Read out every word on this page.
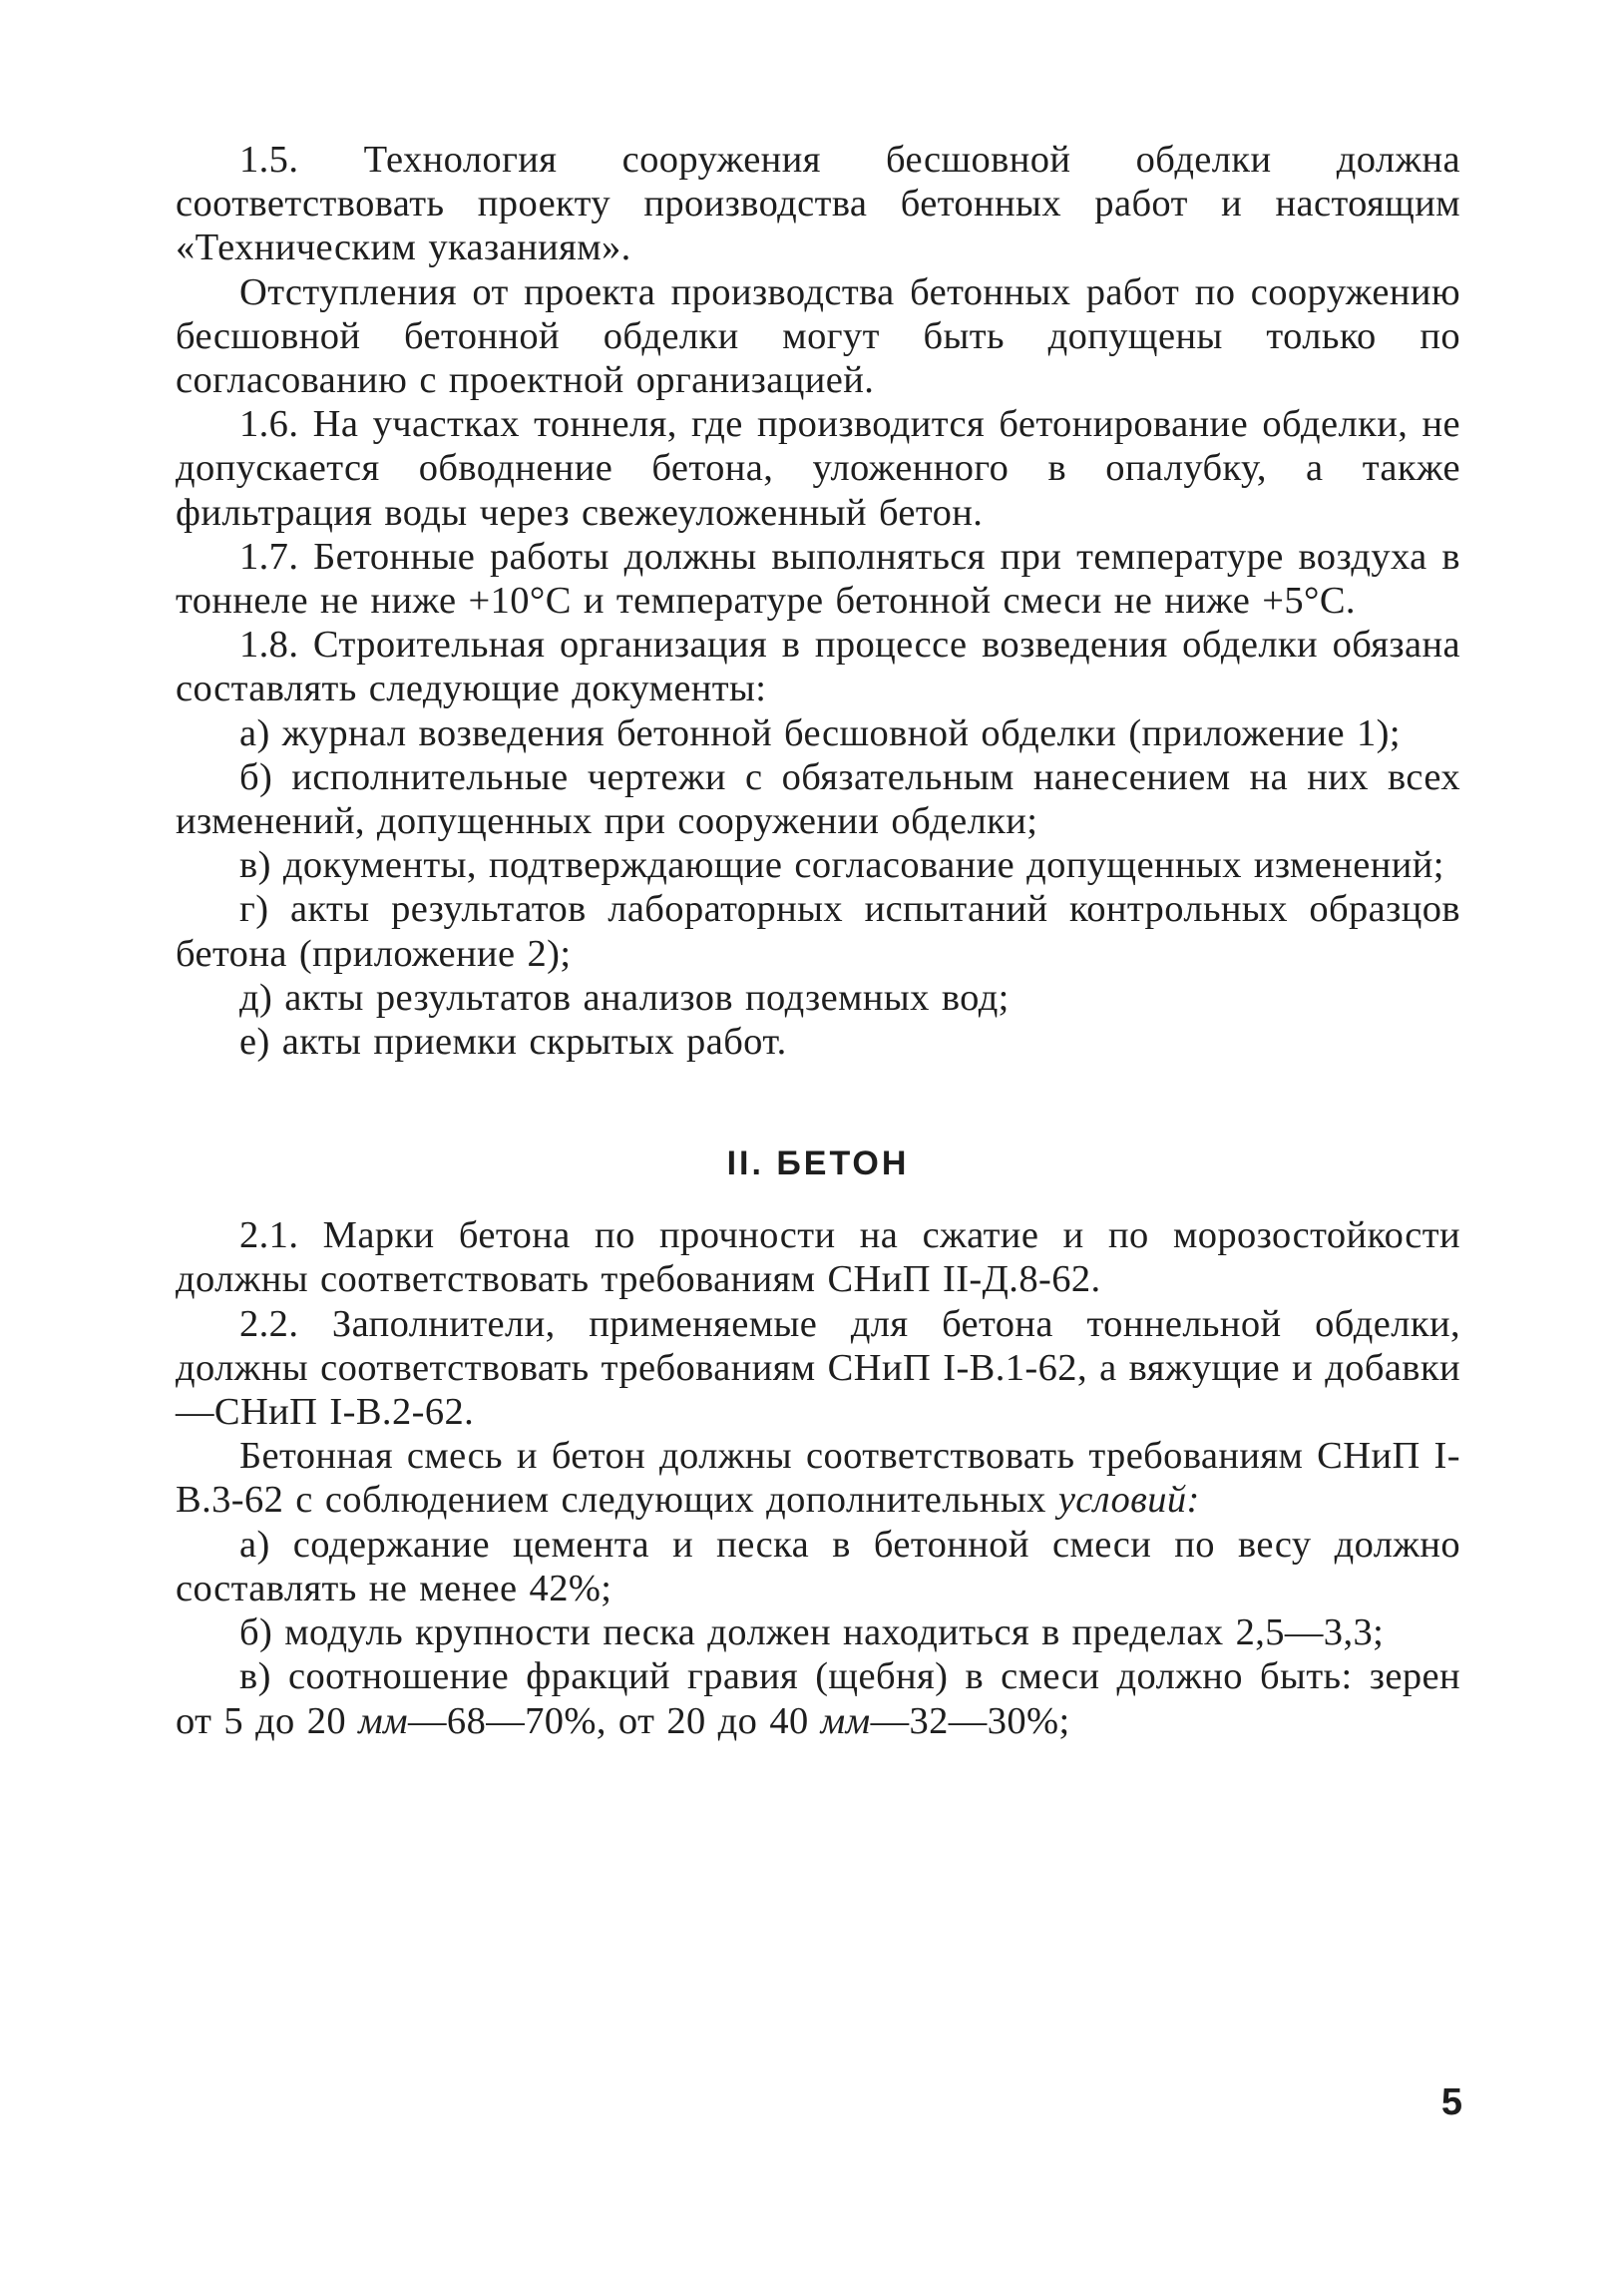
1.5. Технология сооружения бесшовной обделки должна соответствовать проекту производства бетонных работ и настоящим «Техническим указаниям».

Отступления от проекта производства бетонных работ по сооружению бесшовной бетонной обделки могут быть допущены только по согласованию с проектной организацией.

1.6. На участках тоннеля, где производится бетонирование обделки, не допускается обводнение бетона, уложенного в опалубку, а также фильтрация воды через свежеуложенный бетон.

1.7. Бетонные работы должны выполняться при температуре воздуха в тоннеле не ниже +10°С и температуре бетонной смеси не ниже +5°С.

1.8. Строительная организация в процессе возведения обделки обязана составлять следующие документы:

а) журнал возведения бетонной бесшовной обделки (приложение 1);

б) исполнительные чертежи с обязательным нанесением на них всех изменений, допущенных при сооружении обделки;

в) документы, подтверждающие согласование допущенных изменений;

г) акты результатов лабораторных испытаний контрольных образцов бетона (приложение 2);

д) акты результатов анализов подземных вод;

е) акты приемки скрытых работ.

II. БЕТОН

2.1. Марки бетона по прочности на сжатие и по морозостойкости должны соответствовать требованиям СНиП II-Д.8-62.

2.2. Заполнители, применяемые для бетона тоннельной обделки, должны соответствовать требованиям СНиП I-В.1-62, а вяжущие и добавки—СНиП I-В.2-62.

Бетонная смесь и бетон должны соответствовать требованиям СНиП I-В.3-62 с соблюдением следующих дополнительных условий:

а) содержание цемента и песка в бетонной смеси по весу должно составлять не менее 42%;

б) модуль крупности песка должен находиться в пределах 2,5—3,3;

в) соотношение фракций гравия (щебня) в смеси должно быть: зерен от 5 до 20 мм—68—70%, от 20 до 40 мм—32—30%;

5
